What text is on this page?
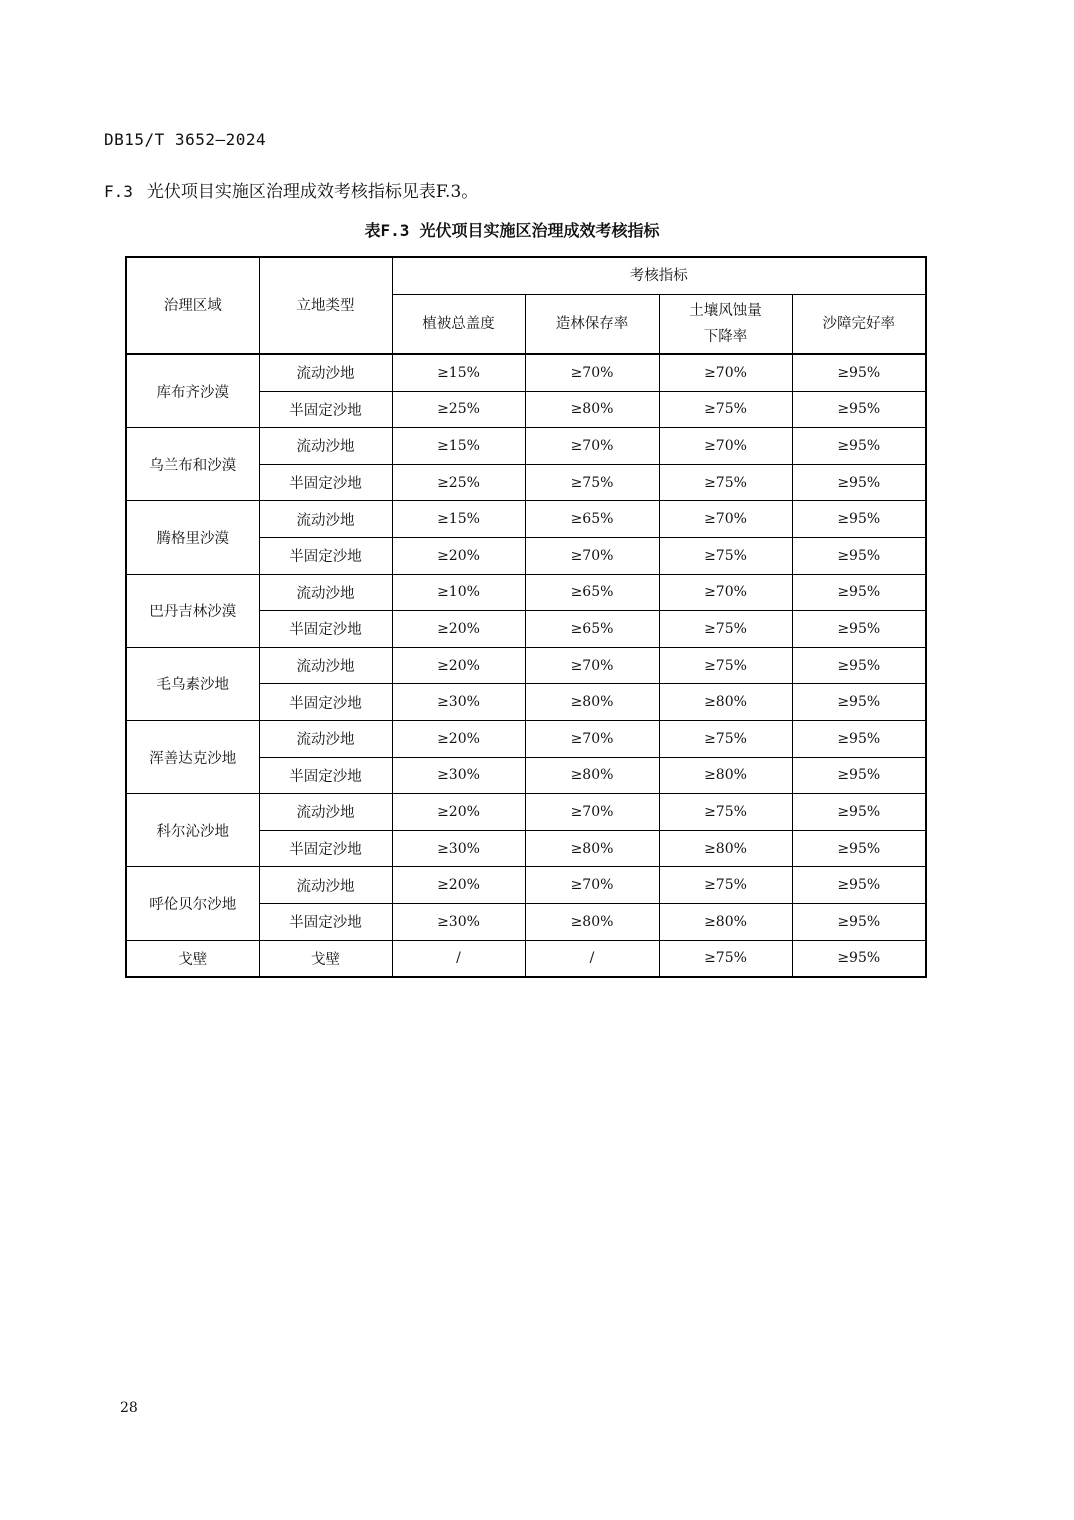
DB15/T 3652—2024
F.3 光伏项目实施区治理成效考核指标见表F.3。
表F.3 光伏项目实施区治理成效考核指标
治理区域	立地类型	考核指标			
		植被总盖度	造林保存率	土壤风蚀量
下降率	沙障完好率
库布齐沙漠	流动沙地	≥15%	≥70%	≥70%	≥95%
	半固定沙地	≥25%	≥80%	≥75%	≥95%
乌兰布和沙漠	流动沙地	≥15%	≥70%	≥70%	≥95%
	半固定沙地	≥25%	≥75%	≥75%	≥95%
腾格里沙漠	流动沙地	≥15%	≥65%	≥70%	≥95%
	半固定沙地	≥20%	≥70%	≥75%	≥95%
巴丹吉林沙漠	流动沙地	≥10%	≥65%	≥70%	≥95%
	半固定沙地	≥20%	≥65%	≥75%	≥95%
毛乌素沙地	流动沙地	≥20%	≥70%	≥75%	≥95%
	半固定沙地	≥30%	≥80%	≥80%	≥95%
浑善达克沙地	流动沙地	≥20%	≥70%	≥75%	≥95%
	半固定沙地	≥30%	≥80%	≥80%	≥95%
科尔沁沙地	流动沙地	≥20%	≥70%	≥75%	≥95%
	半固定沙地	≥30%	≥80%	≥80%	≥95%
呼伦贝尔沙地	流动沙地	≥20%	≥70%	≥75%	≥95%
	半固定沙地	≥30%	≥80%	≥80%	≥95%
戈壁	戈壁	/	/	≥75%	≥95%
28
